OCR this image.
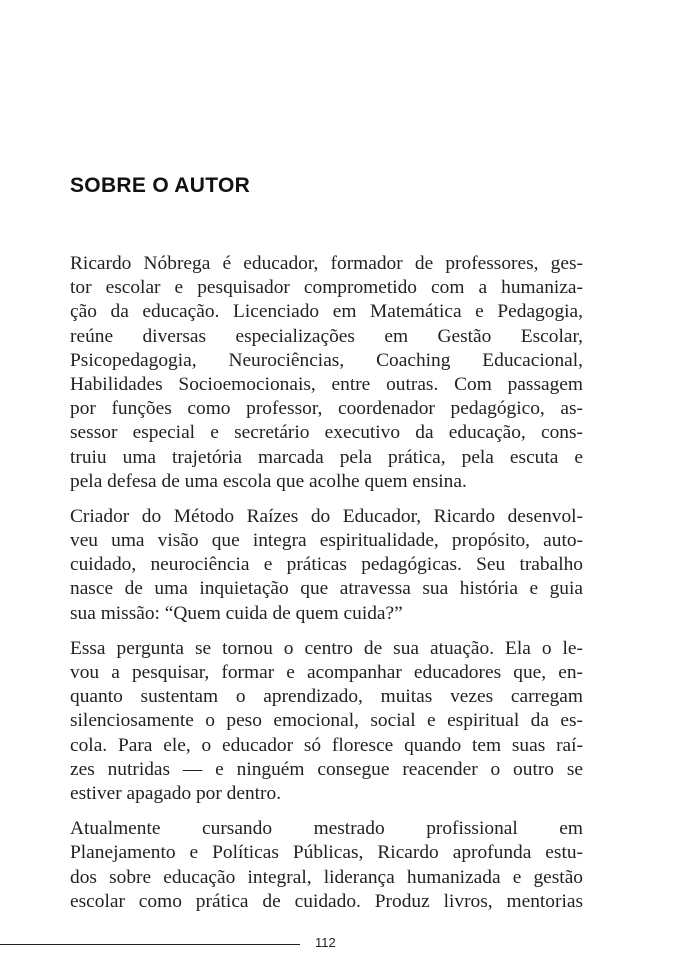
SOBRE O AUTOR
Ricardo Nóbrega é educador, formador de professores, ges-
tor escolar e pesquisador comprometido com a humaniza-
ção da educação. Licenciado em Matemática e Pedagogia,
reúne diversas especializações em Gestão Escolar,
Psicopedagogia, Neurociências, Coaching Educacional,
Habilidades Socioemocionais, entre outras. Com passagem
por funções como professor, coordenador pedagógico, as-
sessor especial e secretário executivo da educação, cons-
truiu uma trajetória marcada pela prática, pela escuta e
pela defesa de uma escola que acolhe quem ensina.
Criador do Método Raízes do Educador, Ricardo desenvol-
veu uma visão que integra espiritualidade, propósito, auto-
cuidado, neurociência e práticas pedagógicas. Seu trabalho
nasce de uma inquietação que atravessa sua história e guia
sua missão: “Quem cuida de quem cuida?”
Essa pergunta se tornou o centro de sua atuação. Ela o le-
vou a pesquisar, formar e acompanhar educadores que, en-
quanto sustentam o aprendizado, muitas vezes carregam
silenciosamente o peso emocional, social e espiritual da es-
cola. Para ele, o educador só floresce quando tem suas raí-
zes nutridas — e ninguém consegue reacender o outro se
estiver apagado por dentro.
Atualmente cursando mestrado profissional em
Planejamento e Políticas Públicas, Ricardo aprofunda estu-
dos sobre educação integral, liderança humanizada e gestão
escolar como prática de cuidado. Produz livros, mentorias
112
